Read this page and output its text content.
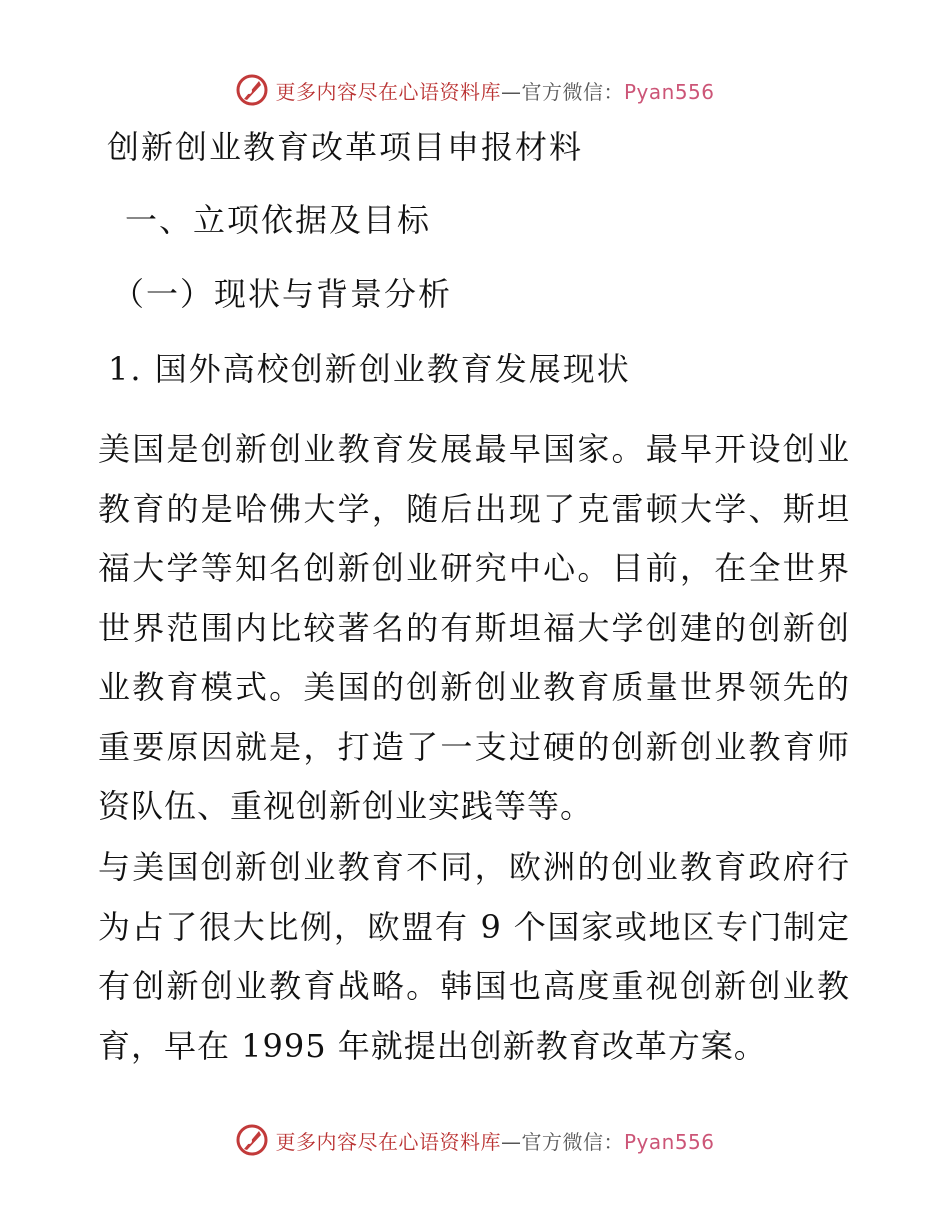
更多内容尽在心语资料库—官方微信：Pyan556
创新创业教育改革项目申报材料
一、立项依据及目标
（一）现状与背景分析
1. 国外高校创新创业教育发展现状
美国是创新创业教育发展最早国家。最早开设创业教育的是哈佛大学，随后出现了克雷顿大学、斯坦福大学等知名创新创业研究中心。目前，在全世界世界范围内比较著名的有斯坦福大学创建的创新创业教育模式。美国的创新创业教育质量世界领先的重要原因就是，打造了一支过硬的创新创业教育师资队伍、重视创新创业实践等等。
与美国创新创业教育不同，欧洲的创业教育政府行为占了很大比例，欧盟有 9 个国家或地区专门制定有创新创业教育战略。韩国也高度重视创新创业教育，早在 1995 年就提出创新教育改革方案。
更多内容尽在心语资料库—官方微信：Pyan556
